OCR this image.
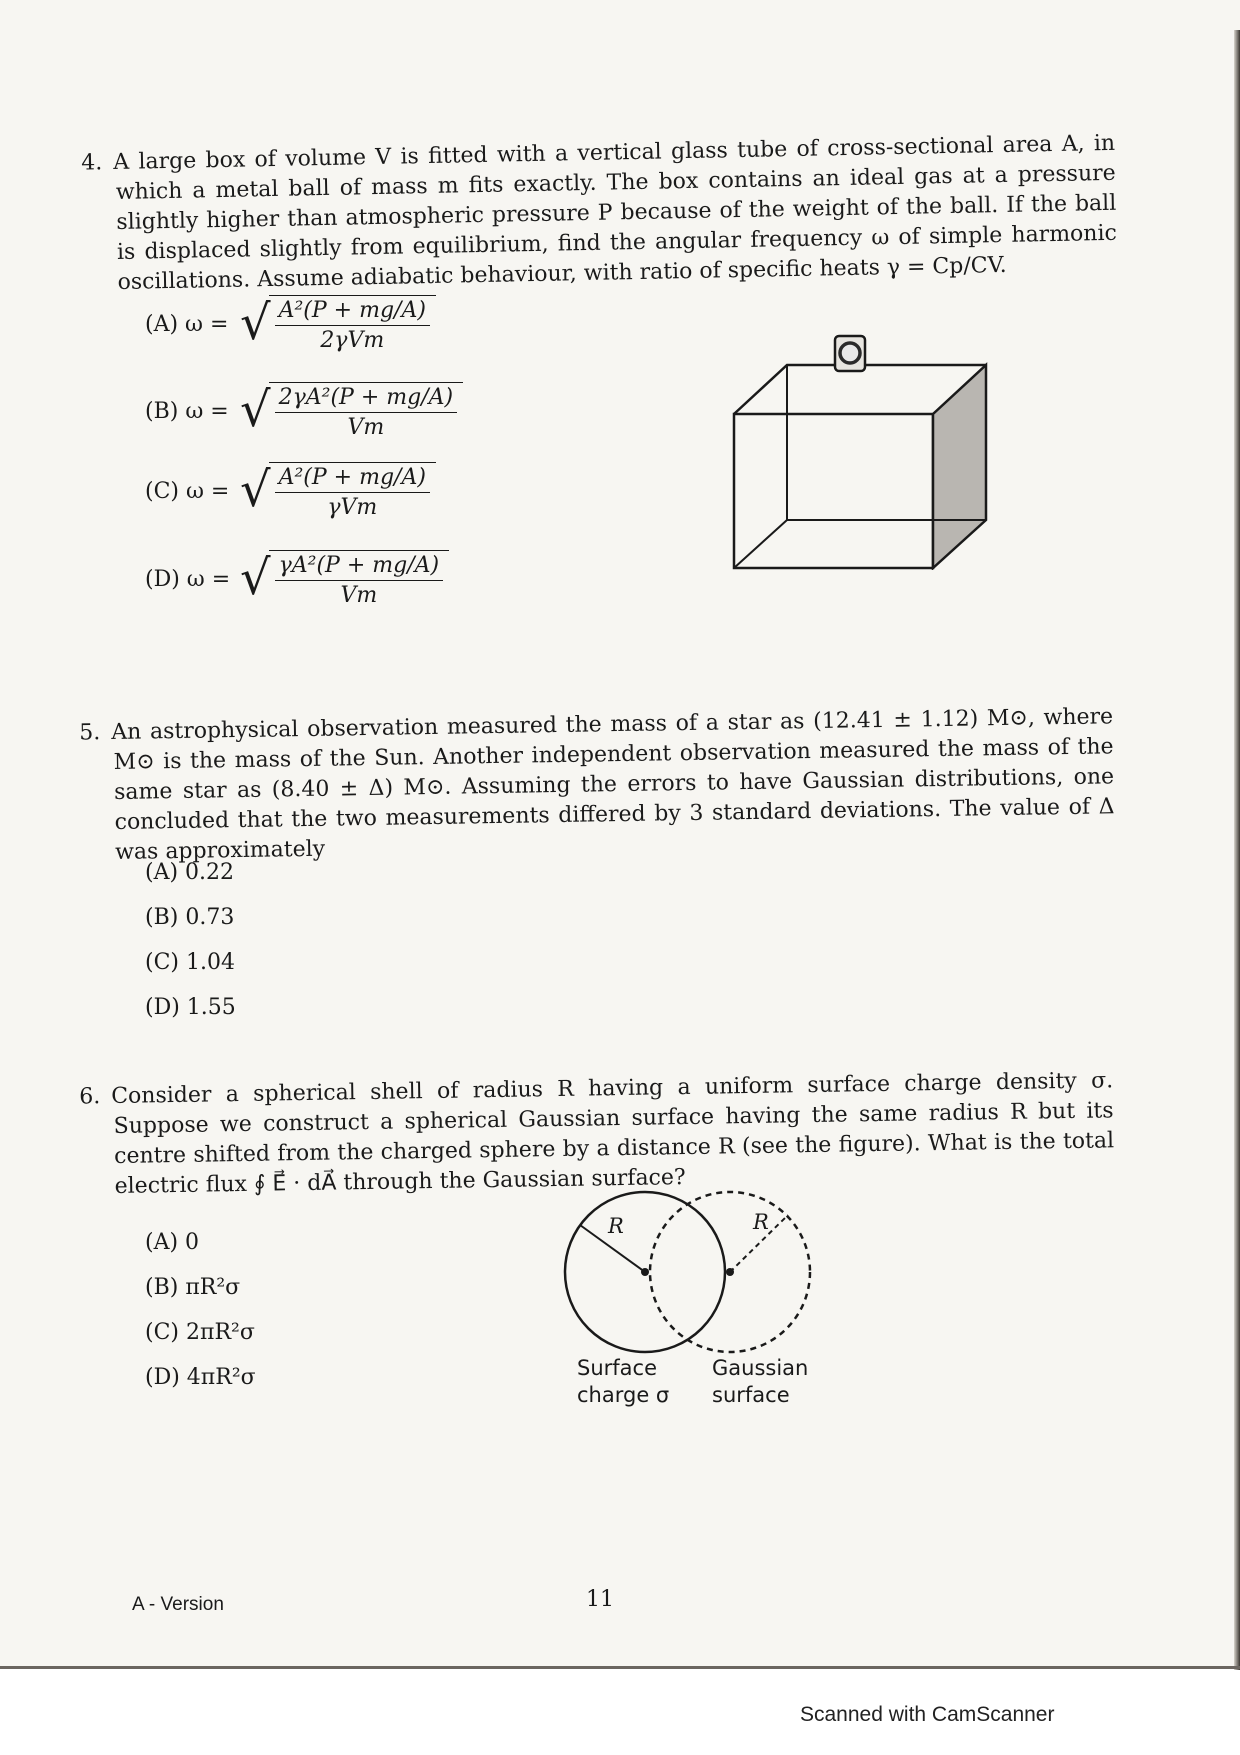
4. A large box of volume V is fitted with a vertical glass tube of cross-sectional area A, in which a metal ball of mass m fits exactly. The box contains an ideal gas at a pressure slightly higher than atmospheric pressure P because of the weight of the ball. If the ball is displaced slightly from equilibrium, find the angular frequency ω of simple harmonic oscillations. Assume adiabatic behaviour, with ratio of specific heats γ = Cp/CV.

(A) ω = √
$\frac{\text{A²(P + mg/A)}}{\text{2γVm}}$
(B) ω = √
$\frac{\text{2γA²(P + mg/A)}}{Vm}$
(C) ω = √
$\frac{\text{A²(P + mg/A)}}{\text{γVm}}$
(D) ω = √
$\frac{\text{γA²(P + mg/A)}}{Vm}$

5. An astrophysical observation measured the mass of a star as (12.41 ± 1.12) M⊙, where M⊙ is the mass of the Sun. Another independent observation measured the mass of the same star as (8.40 ± Δ) M⊙. Assuming the errors to have Gaussian distributions, one concluded that the two measurements differed by 3 standard deviations. The value of Δ was approximately

(A) 0.22
(B) 0.73
(C) 1.04
(D) 1.55

6. Consider a spherical shell of radius R having a uniform surface charge density σ. Suppose we construct a spherical Gaussian surface having the same radius R but its centre shifted from the charged sphere by a distance R (see the figure). What is the total electric flux ∮ E⃗ · dA⃗ through the Gaussian surface?

(A) 0
(B) πR²σ
(C) 2πR²σ
(D) 4πR²σ
R	R
Surface
charge σ
Gaussian
surface
A - Version	11
Scanned with CamScanner
